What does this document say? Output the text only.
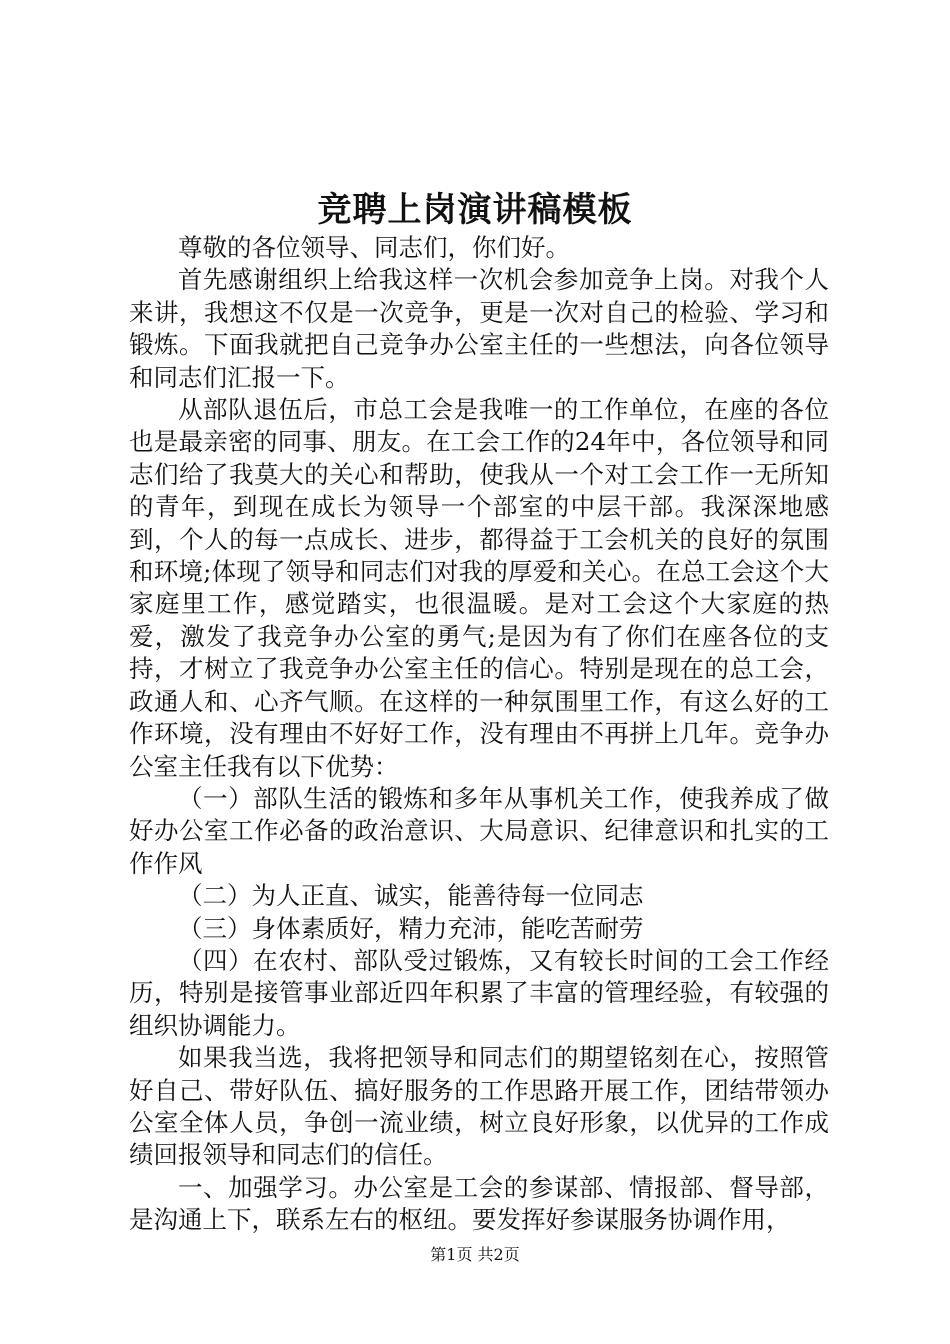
竞聘上岗演讲稿模板

尊敬的各位领导、同志们，你们好。

首先感谢组织上给我这样一次机会参加竞争上岗。对我个人来讲，我想这不仅是一次竞争，更是一次对自己的检验、学习和锻炼。下面我就把自己竞争办公室主任的一些想法，向各位领导和同志们汇报一下。

从部队退伍后，市总工会是我唯一的工作单位，在座的各位也是最亲密的同事、朋友。在工会工作的24年中，各位领导和同志们给了我莫大的关心和帮助，使我从一个对工会工作一无所知的青年，到现在成长为领导一个部室的中层干部。我深深地感到，个人的每一点成长、进步，都得益于工会机关的良好的氛围和环境;体现了领导和同志们对我的厚爱和关心。在总工会这个大家庭里工作，感觉踏实，也很温暖。是对工会这个大家庭的热爱，激发了我竞争办公室的勇气;是因为有了你们在座各位的支持，才树立了我竞争办公室主任的信心。特别是现在的总工会，政通人和、心齐气顺。在这样的一种氛围里工作，有这么好的工作环境，没有理由不好好工作，没有理由不再拼上几年。竞争办公室主任我有以下优势：

（一）部队生活的锻炼和多年从事机关工作，使我养成了做好办公室工作必备的政治意识、大局意识、纪律意识和扎实的工作作风

（二）为人正直、诚实，能善待每一位同志

（三）身体素质好，精力充沛，能吃苦耐劳

（四）在农村、部队受过锻炼，又有较长时间的工会工作经历，特别是接管事业部近四年积累了丰富的管理经验，有较强的组织协调能力。

如果我当选，我将把领导和同志们的期望铭刻在心，按照管好自己、带好队伍、搞好服务的工作思路开展工作，团结带领办公室全体人员，争创一流业绩，树立良好形象，以优异的工作成绩回报领导和同志们的信任。

一、加强学习。办公室是工会的参谋部、情报部、督导部，是沟通上下，联系左右的枢纽。要发挥好参谋服务协调作用，

第1页 共2页
